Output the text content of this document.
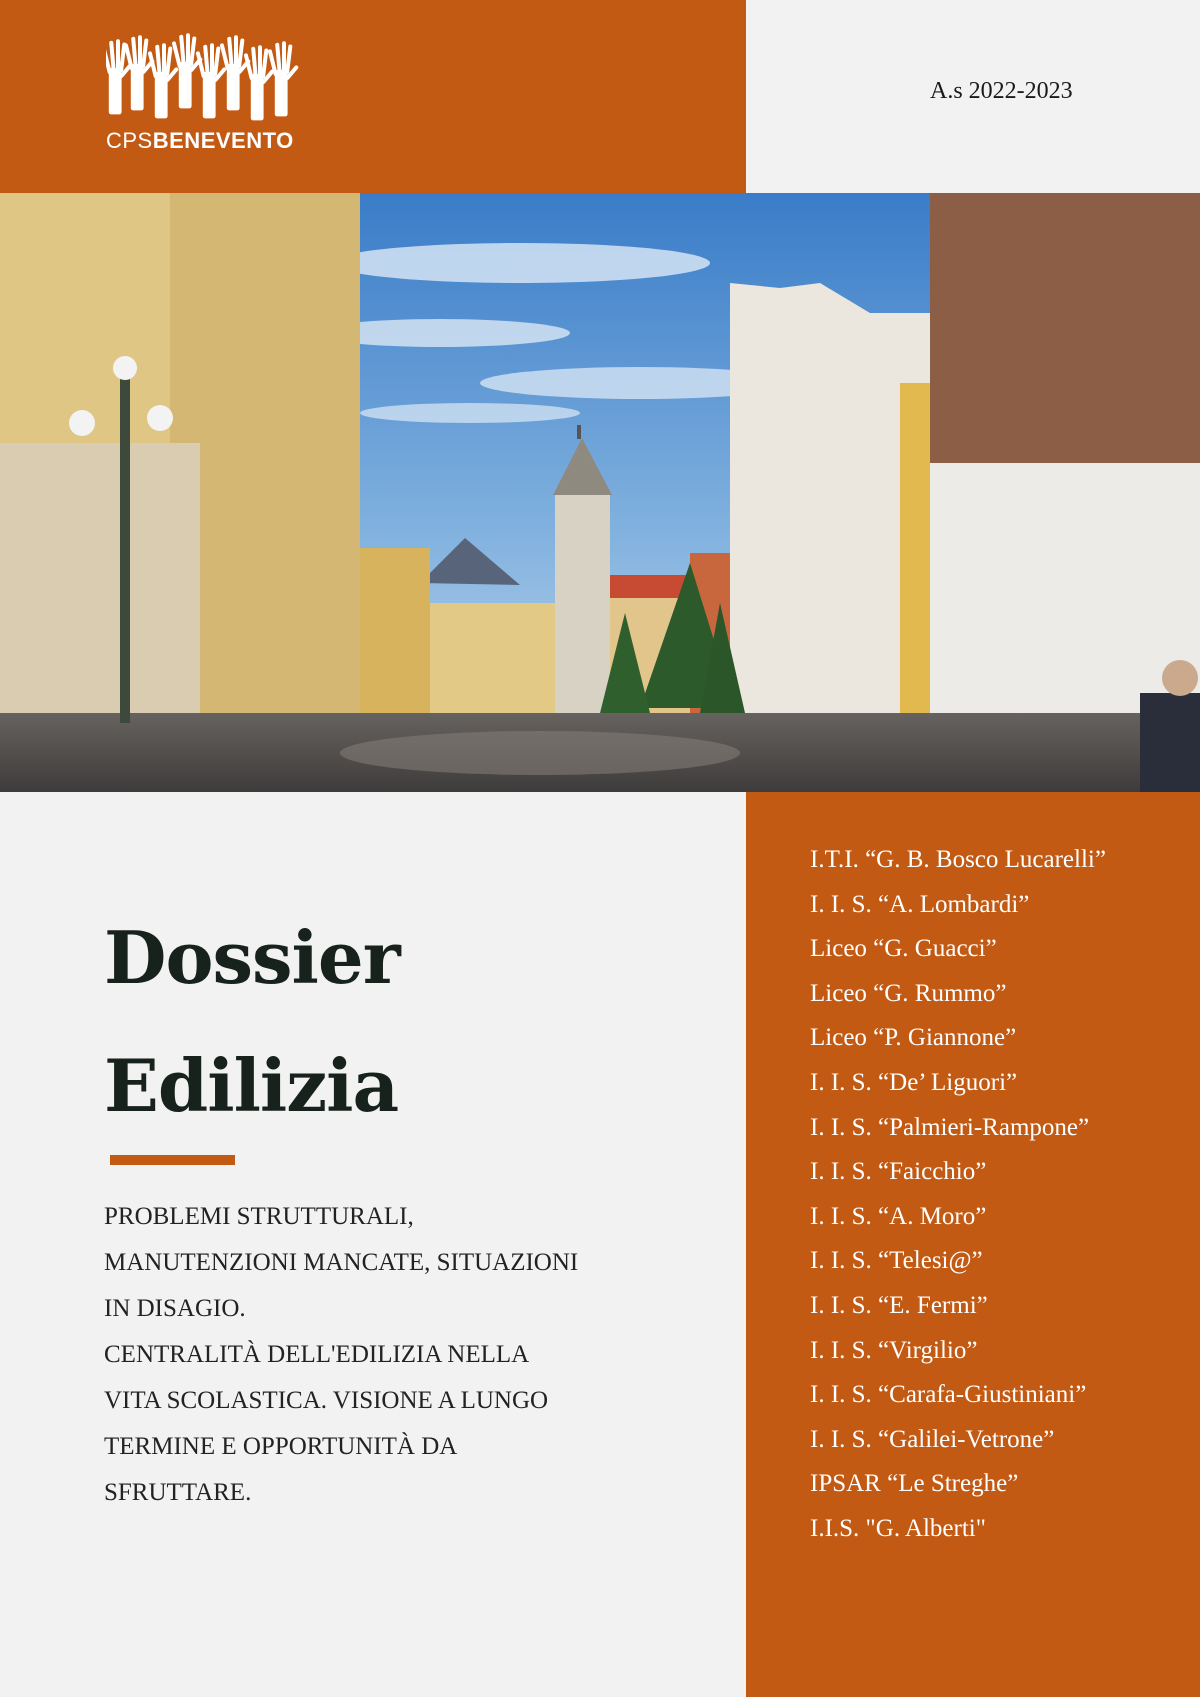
CPSBENEVENTO
A.s 2022-2023
I.T.I. “G. B. Bosco Lucarelli”
I. I. S. “A. Lombardi”
Liceo “G. Guacci”
Liceo “G. Rummo”
Liceo “P. Giannone”
I. I. S. “De’ Liguori”
I. I. S. “Palmieri-Rampone”
I. I. S. “Faicchio”
I. I. S. “A. Moro”
I. I. S. “Telesi@”
I. I. S. “E. Fermi”
I. I. S. “Virgilio”
I. I. S. “Carafa-Giustiniani”
I. I. S. “Galilei-Vetrone”
IPSAR “Le Streghe”
I.I.S. "G. Alberti"
Dossier
Edilizia

PROBLEMI STRUTTURALI,
MANUTENZIONI MANCATE, SITUAZIONI
IN DISAGIO.
CENTRALITÀ DELL'EDILIZIA NELLA
VITA SCOLASTICA. VISIONE A LUNGO
TERMINE E OPPORTUNITÀ DA
SFRUTTARE.
